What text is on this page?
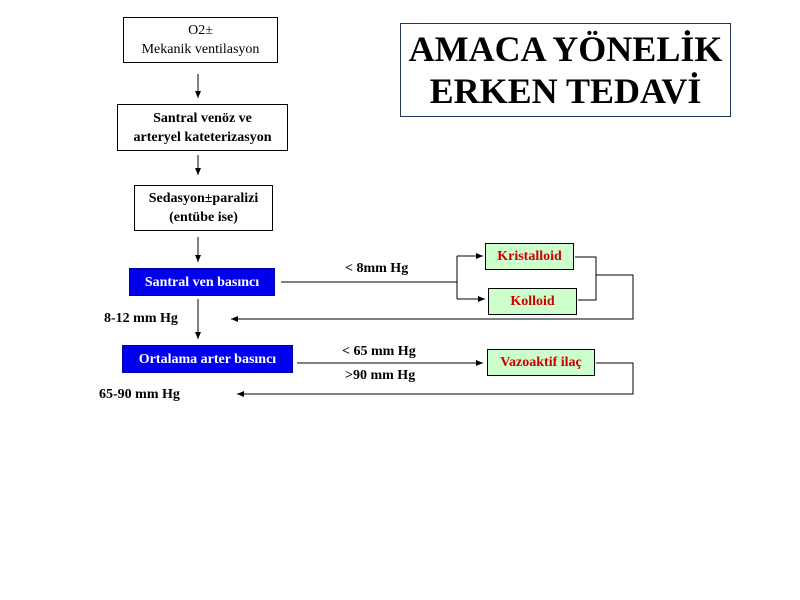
AMACA YÖNELİK
ERKEN TEDAVİ
O2±
Mekanik ventilasyon
Santral venöz ve
arteryel kateterizasyon
Sedasyon±paralizi
(entübe ise)
Santral ven basıncı
Ortalama arter basıncı
Kristalloid
Kolloid
Vazoaktif ilaç
< 8mm Hg
8-12 mm Hg
< 65 mm Hg
>90 mm Hg
65-90 mm Hg
